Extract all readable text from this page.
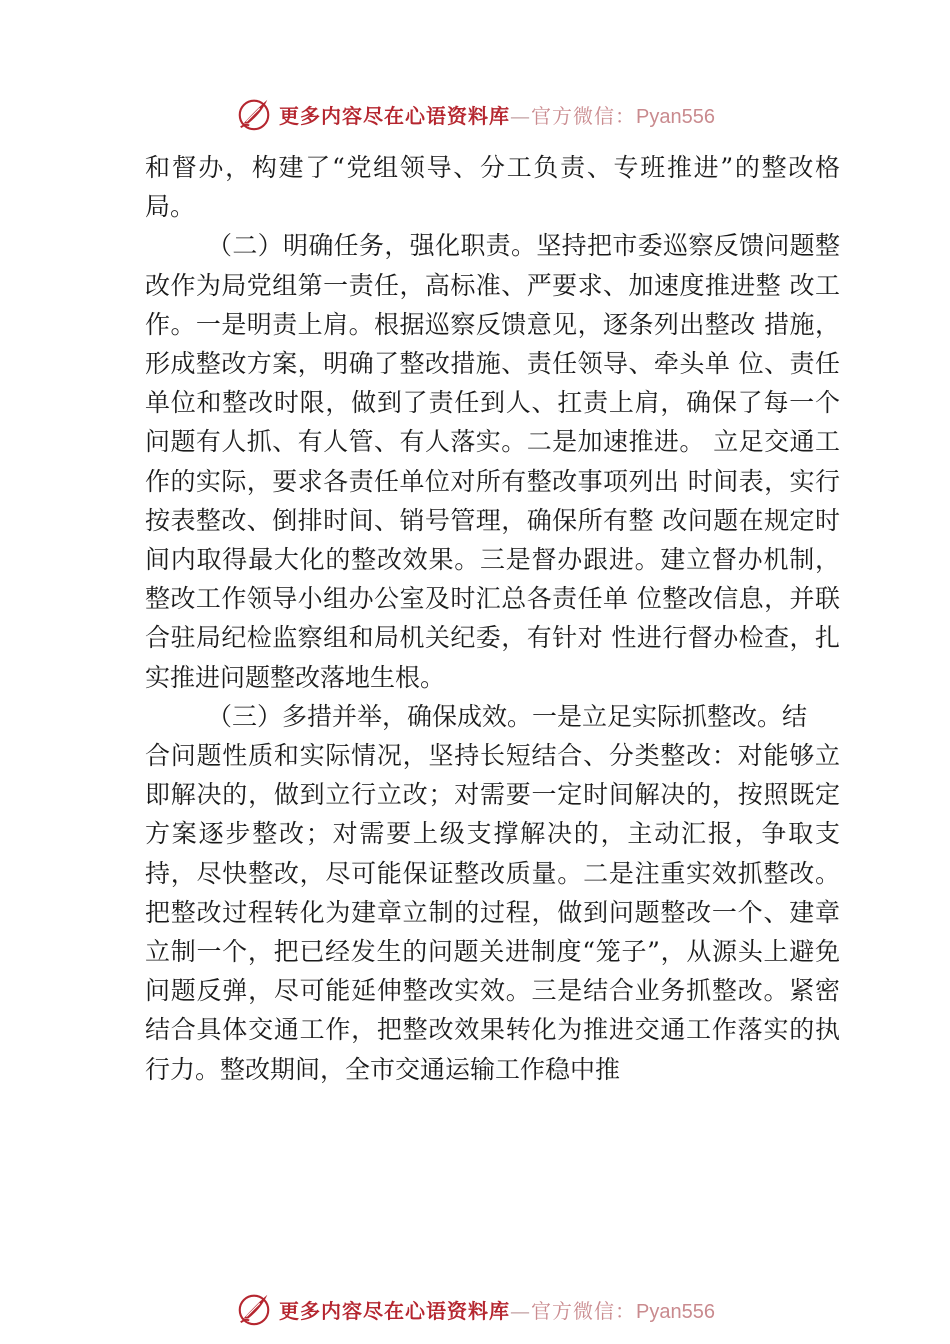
更多内容尽在心语资料库—官方微信：Pyan556

和督办，构建了“党组领导、分工负责、专班推进”的整改格局。

（二）明确任务，强化职责。坚持把市委巡察反馈问题整改作为局党组第一责任，高标准、严要求、加速度推进整 改工作。一是明责上肩。根据巡察反馈意见，逐条列出整改 措施，形成整改方案，明确了整改措施、责任领导、牵头单 位、责任单位和整改时限，做到了责任到人、扛责上肩，确保了每一个问题有人抓、有人管、有人落实。二是加速推进。 立足交通工作的实际，要求各责任单位对所有整改事项列出 时间表，实行按表整改、倒排时间、销号管理，确保所有整 改问题在规定时间内取得最大化的整改效果。三是督办跟进。建立督办机制，整改工作领导小组办公室及时汇总各责任单 位整改信息，并联合驻局纪检监察组和局机关纪委，有针对 性进行督办检查，扎实推进问题整改落地生根。

（三）多措并举，确保成效。一是立足实际抓整改。结

合问题性质和实际情况，坚持长短结合、分类整改：对能够立即解决的，做到立行立改；对需要一定时间解决的，按照既定方案逐步整改；对需要上级支撑解决的，主动汇报，争取支持，尽快整改，尽可能保证整改质量。二是注重实效抓整改。把整改过程转化为建章立制的过程，做到问题整改一个、建章立制一个，把已经发生的问题关进制度“笼子”，从源头上避免问题反弹，尽可能延伸整改实效。三是结合业务抓整改。紧密结合具体交通工作，把整改效果转化为推进交通工作落实的执行力。整改期间，全市交通运输工作稳中推

更多内容尽在心语资料库—官方微信：Pyan556
